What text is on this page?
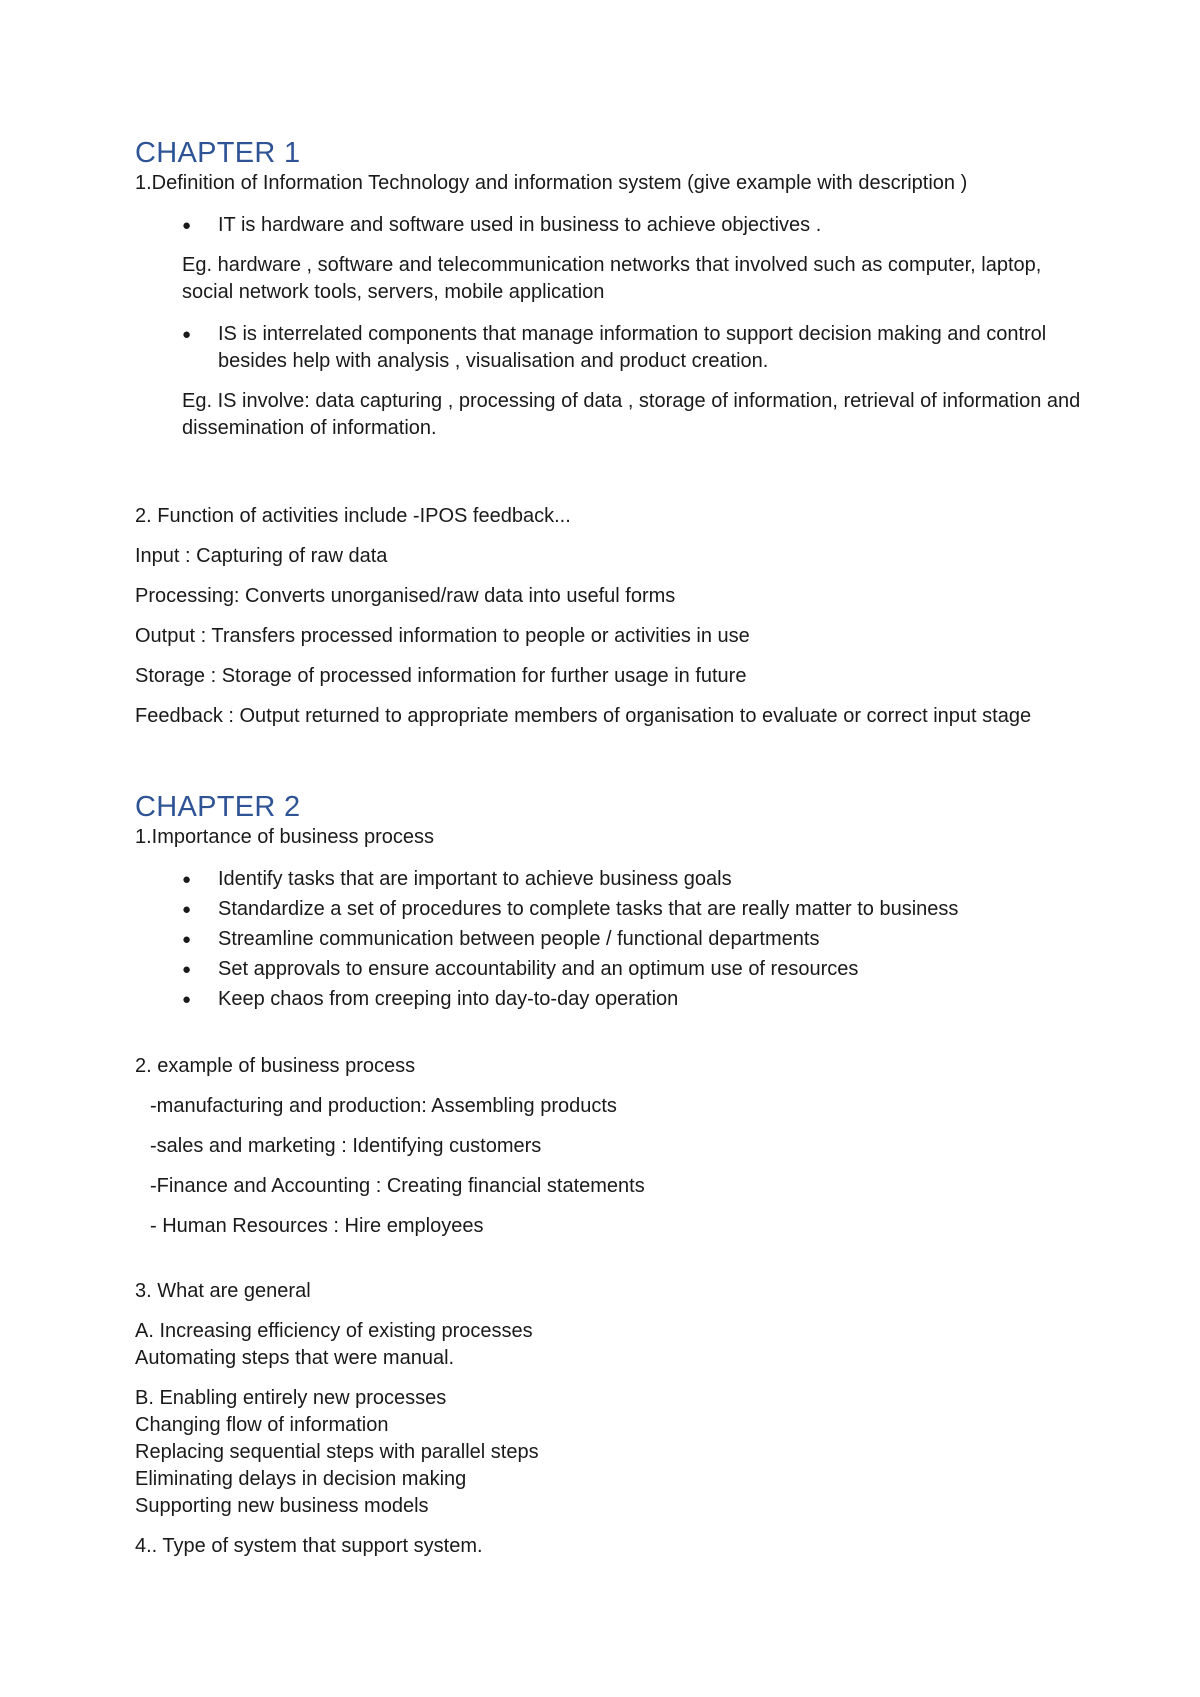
CHAPTER 1

1.Definition of Information Technology and information system (give example with description )

● IT is hardware and software used in business to achieve objectives .

Eg. hardware , software and telecommunication networks that involved such as computer, laptop, social network tools, servers, mobile application

● IS is interrelated components that manage information to support decision making and control besides help with analysis , visualisation and product creation.

Eg. IS involve: data capturing , processing of data , storage of information, retrieval of information and dissemination of information.

2. Function of activities include -IPOS feedback...

Input : Capturing of raw data

Processing: Converts unorganised/raw data into useful forms

Output : Transfers processed information to people or activities in use

Storage : Storage of processed information for further usage in future

Feedback : Output returned to appropriate members of organisation to evaluate or correct input stage

CHAPTER 2

1.Importance of business process

● Identify tasks that are important to achieve business goals
● Standardize a set of procedures to complete tasks that are really matter to business
● Streamline communication between people / functional departments
● Set approvals to ensure accountability and an optimum use of resources
● Keep chaos from creeping into day-to-day operation

2. example of business process

-manufacturing and production: Assembling products

-sales and marketing : Identifying customers

-Finance and Accounting : Creating financial statements

- Human Resources : Hire employees

3. What are general

A. Increasing efficiency of existing processes

Automating steps that were manual.

B. Enabling entirely new processes

Changing flow of information

Replacing sequential steps with parallel steps

Eliminating delays in decision making

Supporting new business models

4.. Type of system that support system.
